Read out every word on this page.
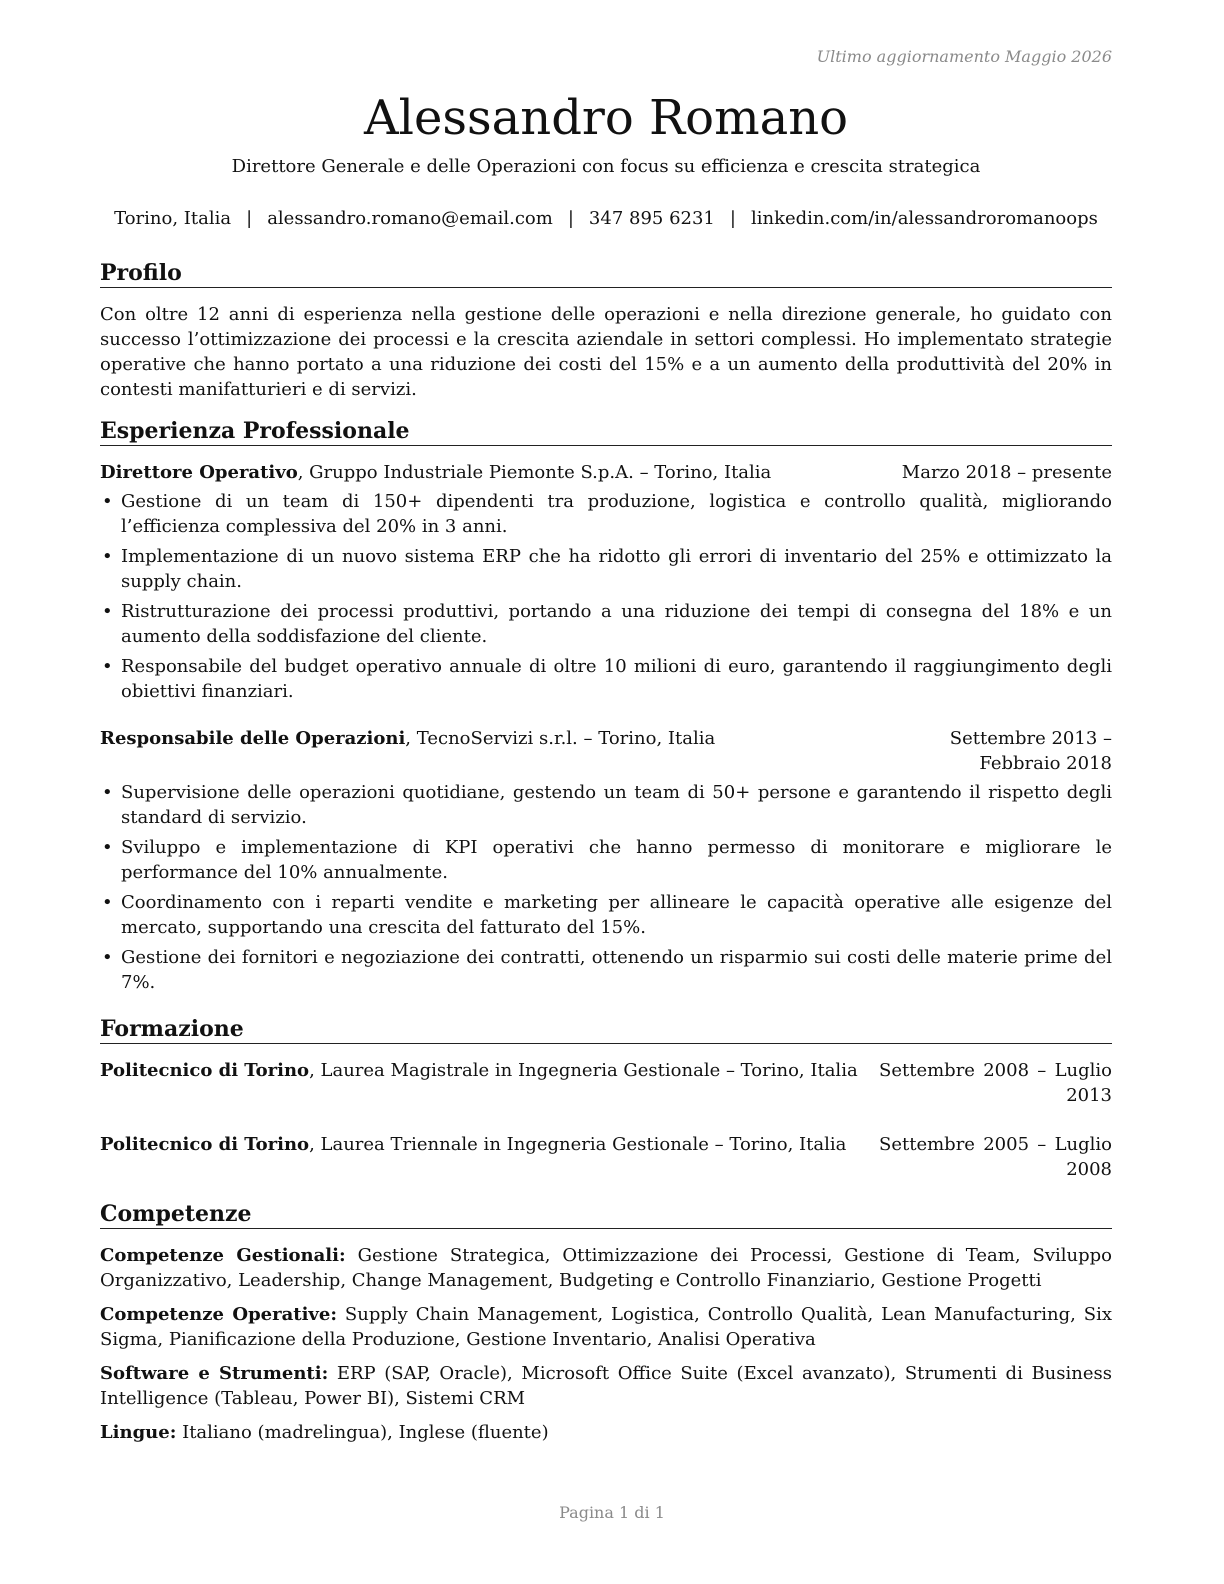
Ultimo aggiornamento Maggio 2026
Alessandro Romano
Direttore Generale e delle Operazioni con focus su efficienza e crescita strategica
Torino, Italia | alessandro.romano@email.com | 347 895 6231 | linkedin.com/in/alessandroromanoops
Profilo

Con oltre 12 anni di esperienza nella gestione delle operazioni e nella direzione generale, ho guidato con successo l’ottimizzazione dei processi e la crescita aziendale in settori complessi. Ho implementato strategie operative che hanno portato a una riduzione dei costi del 15% e a un aumento della produttività del 20% in contesti manifatturieri e di servizi.

Esperienza Professionale
Direttore Operativo, Gruppo Industriale Piemonte S.p.A. – Torino, Italia	Marzo 2018 – presente
• Gestione di un team di 150+ dipendenti tra produzione, logistica e controllo qualità, migliorando l’efficienza complessiva del 20% in 3 anni.
• Implementazione di un nuovo sistema ERP che ha ridotto gli errori di inventario del 25% e ottimizzato la supply chain.
• Ristrutturazione dei processi produttivi, portando a una riduzione dei tempi di consegna del 18% e un aumento della soddisfazione del cliente.
• Responsabile del budget operativo annuale di oltre 10 milioni di euro, garantendo il raggiungimento degli obiettivi finanziari.
Responsabile delle Operazioni, TecnoServizi s.r.l. – Torino, Italia	Settembre 2013 – Febbraio 2018
• Supervisione delle operazioni quotidiane, gestendo un team di 50+ persone e garantendo il rispetto degli standard di servizio.
• Sviluppo e implementazione di KPI operativi che hanno permesso di monitorare e migliorare le performance del 10% annualmente.
• Coordinamento con i reparti vendite e marketing per allineare le capacità operative alle esigenze del mercato, supportando una crescita del fatturato del 15%.
• Gestione dei fornitori e negoziazione dei contratti, ottenendo un risparmio sui costi delle materie prime del 7%.
Formazione
Politecnico di Torino, Laurea Magistrale in Ingegneria Gestionale – Torino, Italia Settembre 2008 – Luglio 2013
Politecnico di Torino, Laurea Triennale in Ingegneria Gestionale – Torino, Italia Settembre 2005 – Luglio 2008
Competenze
Competenze Gestionali: Gestione Strategica, Ottimizzazione dei Processi, Gestione di Team, Sviluppo Organizzativo, Leadership, Change Management, Budgeting e Controllo Finanziario, Gestione Progetti
Competenze Operative: Supply Chain Management, Logistica, Controllo Qualità, Lean Manufacturing, Six Sigma, Pianificazione della Produzione, Gestione Inventario, Analisi Operativa
Software e Strumenti: ERP (SAP, Oracle), Microsoft Office Suite (Excel avanzato), Strumenti di Business Intelligence (Tableau, Power BI), Sistemi CRM
Lingue: Italiano (madrelingua), Inglese (fluente)
Pagina 1 di 1
